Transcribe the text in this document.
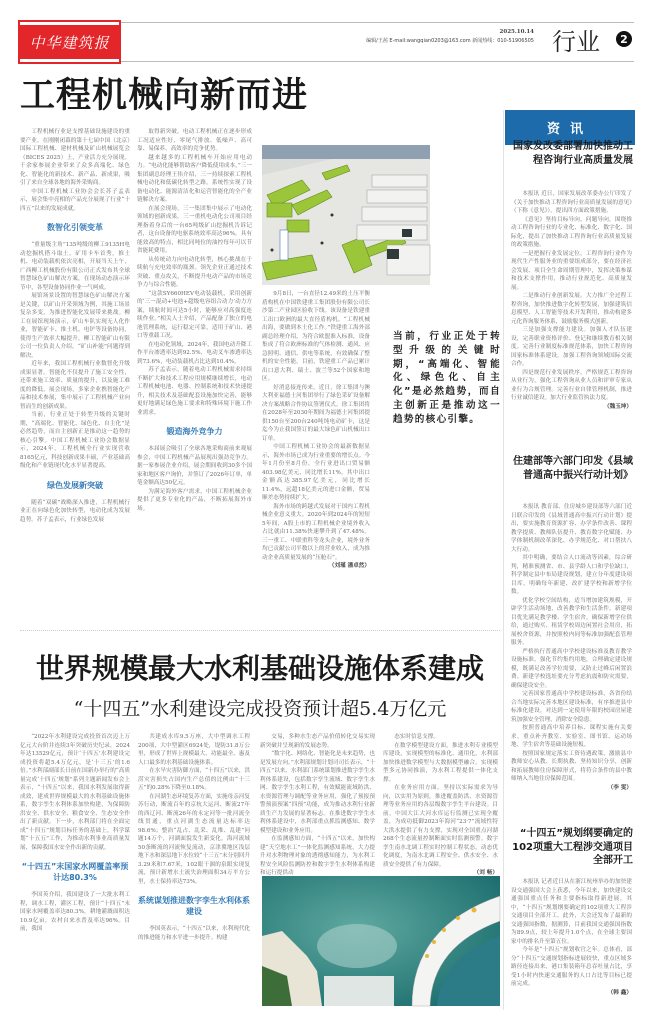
中华建筑报
2025.10.14
编辑/王茜 E-mail:wangqian0203@163.com 新闻热线：010-51906505 行业	2
工程机械向新而进

工程机械行业是支撑基础设施建设的重要产业。在刚刚闭幕的第十七届中国（北京）国际工程机械、建材机械及矿山机械展览会（BICES 2025）上，产业活力充分展现。千余家参展企业带来了众多高端化、绿色化、智能化的新技术、新产品、新成果，吸引了来自全球各地的海外采购商。

中国工程机械工业协会会长苏子孟表示，展会集中亮相的产品充分展现了行业“十四五”以来的发展成就。

数智化引领变革

“重量级主角”135吨级的柳工9135H电动挖掘机搭斗取土，矿用卡车首秀，推土机、电动装载机依次亮相，开展当天上午，广西柳工机械股份有限公司正式发布其全球智慧绿色矿山解决方案，在现场动态演示环节中，各型设备协同作业一气呵成。

展馆场景设置的智慧绿色矿山解决方案是关键，以矿山开采领域为例，其施工场景复杂多变，为推进智能化发展带来挑战。柳工在展馆现场演示，矿山车队实现无人化作业，智能矿卡、推土机、电铲等设备协同，使得生产效率大幅提升。柳工智能矿山有限公司一位负责人介绍，“矿山补能”问题得到解决。

近年来，我国工程机械行业数智化升级成果显著。智能化不仅提升了施工安全性，还带来施工效率、质量的提升，以及施工难度的降低。展会现场，多家企业携智能化产品和技术参展，集中展示了工程机械产业向智而生的创新成果。

当前，行业正处于转型升级的关键时期，“高端化、智能化、绿色化、自主化”是必然趋势，而自主创新正是推动这一趋势的核心引擎。中国工程机械工业协会数据显示，2024年，工程机械全行业实现营收8165亿元，科技创新成果丰硕，产业基础高级化和产业链现代化水平显著提高。

绿色发展新突破

随着“双碳”战略深入推进，工程机械行业正在向绿色化加快转型，电动化成为发展趋势。苏子孟表示，行业绿色发展

取得新突破。电动工程机械正在逐步形成工况适应性好、零尾气排放、低噪声、高可靠、易保养、高效率的竞争优势。

越来越多的工程机械车开始应用电动力。“电动化能够帮助客户降低使用成本，”三一集团副总经理王伟介绍，三一持续探索工程机械电动化和低碳化转型之路，系统性实现了设备电动化、能源清洁化和运营智能化的全产业链解决方案。

在展会现场，三一集团集中展示了电动化领域的创新成果。三一重机电动化公司项目经理指着身后的一台65吨级矿山挖掘机告诉记者，这台设备的电驱系统效率高达96%，具有能效高的特点，相比同吨位的油控每年可以节省能耗费用。

从传统动力向电动化转型，核心挑战在于续航与充电效率的瓶颈。领先企业正通过技术突破、重点攻关，不断提升电动产品的市场竞争力与综合性能。

“这款SY660HEV电动装载机，采用创新的‘三一混动+电池+超级电容组合动力’动力方案，续航时间可达5小时，能够应对高强度连续作业。”相关人士介绍，产品配备了独立的电池管理系统，运行稳定可靠，适用于矿山、港口等重载工况。

在电动化领域，2024年，我国电动升降工作平台渗透率达到92.5%，电动叉车渗透率达到73.6%，电动装载机占比达到10.4%。

苏子孟表示，随着电动工程机械需求持续不断扩大和技术工程应用规模继续增长，电动工程机械电池、电器、控制系统和技术快速提升，相关技术及基础配套设施加快完善，能够更好地满足绿色施工要求和特殊环境下施工作业需求。

锻造海外竞争力

本届展会吸引了全球各地采购商前来观展参会，中国工程机械产品展现出强劲竞争力。据一家参展企业介绍，展会期间收到30多个国家和地区客户询价，并签订了2026年订单，单笔金额高达50亿元。

为满足海外客户需求，中国工程机械企业提供了更多专业化的产品，不断拓展海外市场。

9月8日，一台直径12.49米的土压平衡盾构机在中国铁建重工集团股份有限公司长沙第二产业园区验收下线。该设备是铁建重工出口欧洲的最大直径盾构机。“工程机械出海，要做到本土化工作。”铁建重工海外部副总经理介绍，为符合欧盟准入标准，设备集成了符合欧洲标准的气体检测、通风、应急照明、通信、供电等系统，有效确保了整机的安全性能。目前，铁建重工产品已累计出口意大利、瑞士、波兰等52个国家和地区。

好消息接连传来。近日，徐工集团与澳大利亚福德士河集团举行了绿色采矿设备解决方案战略合作协议签署仪式。徐工集团将在2028年至2030年期间为福德士河集团提供150台至200台240吨纯电动矿卡，这是迄今为止我国签订的最大绿色矿山机械出口订单。

中国工程机械工业协会的最新数据显示，海外市场已成为行业重要的增长点。今年1月份至8月份，全行业进出口贸易额403.98亿美元，同比增长11%，其中出口金额高达385.97亿美元，同比增长11.4%，远超18亿美元的进口金额，贸易顺差态势持续扩大。

海外市场的跨越式发展对于国内工程机械企业意义重大。2020年到2024年的短短5年间，A股上市的工程机械企业境外收入占比就由11.38%快速攀升到了47.48%。三一重工、中联重科等龙头企业，境外业务均已贡献公司半数以上的营业收入，成为推动企业高质量发展的“压舱石”。

（刘瑾 潘卓然）

当前，行业正处于转型升级的关键时期，“高端化、智能化、绿色化、自主化”是必然趋势，而自主创新正是推动这一趋势的核心引擎。
世界规模最大水利基础设施体系建成
“十四五”水利建设完成投资预计超5.4万亿元

“2022年水利建设完成投资首次迈上万亿元大台阶并连续3年突破历史纪录，2024年达13529亿元，预计‘十四五’水利建设完成投资将超5.4万亿元，是‘十三五’的1.6倍。”水利部副部长日前在国新办举行的“高质量完成‘十四五’规划”系列主题新闻发布会上表示，“十四五”以来，我国水利发展取得新成效，建成世界规模最大的水利基础设施体系，数字孪生水利体系加快构建，为保障防洪安全、供水安全、粮食安全、生态安全作出了新贡献。下一步，水利部门将在全面完成“十四五”规划目标任务的基础上，科学谋划“十五五”工作，为推动水利事业高质量发展、保障我国水安全作出新的贡献。

“十四五”末国家水网覆盖率预计达80.3%

李国英介绍，我国建设了一大批水利工程，调水工程，灌区工程，预计“十四五”末国家水网覆盖率达80.3%，耕地灌溉面积达10.9亿亩，农村自来水普及率达96%。目前，我国

共建成水库9.5万座，大中型调水工程200项，大中型灌区6924处，堤防31.8万公里，形成了世界上规模最大、功能最全、惠及人口最多的水利基础设施体系。

在水旱灾害防御方面，“十四五”以来，洪涝灾害损失占国内生产总值的比例由“十三五”的0.28%下降至0.18%。

在河湖生态环境复苏方面，实施母亲河复苏行动，断流百年的京杭大运河、断流27年的西辽河、断流26年的永定河等一批河流全线贯通，重点河湖生态流量达标率达98.6%；整治“乱占、乱采、乱堆、乱建”问题14万个，河湖面貌发生新变化。海河流域50条断流的河流恢复流动，京津冀地区浅层地下水和深层地下水位较“十三五”末分别回升3.29米和7.67米，102眼干涸的泉眼实现复流，预计新增水土流失治理面积34万平方公里，水土保持率达73%。

系统谋划推进数字孪生水利体系建设

李国英表示，“十四五”以来，水利现代化的推进能力和水平进一步提升。构建

交易，多种水生态产品价值转化交易实现新突破并呈现新的发展态势。

“数字化、网络化、智能化是未来趋势，也是发展方向。”水利部规划计划司司长表示，“十四五”以来，水利部门系统谋划推进数字孪生水利体系建设，包括数字孪生流域、数字孪生水网、数字孪生水利工程，有效赋能流域防洪、水资源管理与调配等业务应用，强化了预报预警预演预案“四预”功能，成为推动水利行业新质生产力发展的显著标志。在推进数字孪生水利体系建设中，水利部重点抓监测感知、数学模型建设和业务应用。

在监测感知方面，“十四五”以来，加快构建“天空地水工”一体化监测感知系统，大力提升对水利物理对象的透彻感知能力，为水利工程安全风险监测防控和数字孪生水利体系构建和运行提供动

态实时信息支撑。

在数学模型建设方面，推进水利专业模型库建设，实现模型的标准化、通用化，水利部加快推进数学模型与大数据模型融合，实现模型多元协同推演，为水利工程提供一体化支撑。

在业务应用方面，坚持以实际需求为导向，以实用为原则，推进覆盖防洪、水资源管理等业务应用的各层级数字孪生平台建设。目前，中国大江大河水库运行监测已实现全覆盖，为成功抵御2023年海河“23·7”流域性特大洪水提供了有力支撑，实现对全国重点河湖268个生态流量控制断面实时监测预警。数字孪生南水北调工程实时控制工程状态，动态优化调度，为南水北调工程安全、供水安全、水质安全提供了有力保障。

（刘 畅）

资讯
国家发改委部署加快推动工程咨询行业高质量发展

本报讯 近日，国家发展改革委办公厅印发了《关于加快推动工程咨询行业高质量发展的意见》（下称《意见》），提出四方面政策措施。

《意见》坚持目标导向、问题导向，围绕推动工程咨询行业的专业化、标准化、数字化、国际化，提出了加快推动工程咨询行业高质量发展的政策措施。

一是把握行业发展定位。工程咨询行业作为现代生产性服务业的重要组成部分，要在经济社会发展、项目全生命周期管理中，发挥决策参谋和技术支撑作用，推动行业规范化、高质量发展。

二是推动行业创新发展。大力推广全过程工程咨询，加快推进数字化转型发展，加强建筑信息模型、人工智能等技术开发利用，推动构建多元化咨询服务体系，鼓励服务模式创新。

三是加强支撑能力建设。加强人才队伍建设，完善职业资格评价、登记和继续教育相关制度。完善行业制度标准规范体系，加快工程咨询国家标准体系建设。加强工程咨询领域国际交流合作。

四是规范行业发展秩序。严格规范工程咨询从业行为，强化工程咨询从业人员和评审专家从业行为合规管理。完善行业自律管理机制，推进行业诚信建设。加大行业监管执法力度。

（魏玉坤）

住建部等六部门印发《县域普通高中振兴行动计划》

本报讯 教育部、住房城乡建设部等六部门近日联合印发的《县域普通高中振兴行动计划》提出，要实施教育资源扩容、办学条件改善、课程教学提质、教师队伍提升、教育数字化赋能、办学体制机制改革深化、办学规范化、对口帮扶八大行动。

其中明确，要结合人口流动等因素，综合研判，精准预测省、市、县学龄人口和学位缺口，科学制定县中布局建设规划，建立分年度建设项目库，明确每年新建、改扩建学校和新增学位数。

优化学校空间结构，适当增加建筑规模，开辟学生活动场地，改善教学和生活条件。新建项目优先满足教学楼、学生宿舍，确保新增学位供给，通过购买、租赁学校周边闲置社会用房，拓展校舍资源，并按照校内同等标准加强配套管理服务。

严格执行普通高中学校建设标准及教育教学设施标准，强化节约集约用地，合理确定建设规模，既满足改善学位需要，又防止过峰后闲置浪费。新建学校选址要充分考虑抗震和防灾需要，确保建设安全。

完善国家普通高中学校建设标准，各省份结合当地实际完善本地区建设标准，有序推进县中标准化建设。对达到一定使用年限的校园房屋建筑加强安全管理，消除安全隐患。

按照普通高中培养目标、课程实施有关要求，重点补齐教室、实验室、图书馆、运动场地、学生宿舍等基础设施短板。

按照国家规定落实工资待遇政策，激励县中教师安心从教、长期执教、坚持知识分享，创新和拓展教师住房保障形式，将符合条件的县中教师纳入当地住房保障范围。

（李 雯）

“十四五”规划纲要确定的102项重大工程涉交通项目全部开工

本报讯 记者近日从在浙江杭州举办的加快建设交通强国大会上获悉，今年以来，加快建设交通强国重点任务和主要指标取得新进展，其中，“十四五”规划纲要确定的102项重大工程涉交通项目全部开工。此外，大会还发布了最新的交通强国指数，据测算，目前我国交通强国指数为89.9点，较上年提升1.0个点，在全球主要国家中的排名升至第五位。

今年是“十四五”规划收官之年。总体看，部分“十四五”交通规划指标进展较快，重点区域多路径连接出来，港口集装箱年总吞吐量占比，享受1小时内快速交通服务的人口占比等目标已提前完成。

（韩 鑫）
